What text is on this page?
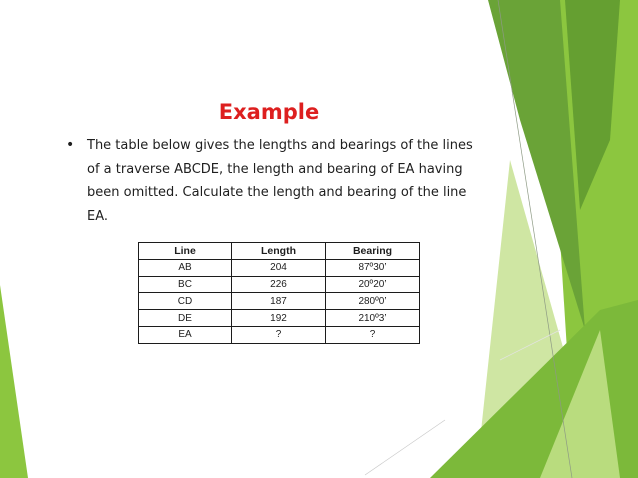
Example
• The table below gives the lengths and bearings of the lines of a traverse ABCDE, the length and bearing of EA having been omitted. Calculate the length and bearing of the line EA.
Line	Length	Bearing
AB	204	87º30’
BC	226	20º20’
CD	187	280º0’
DE	192	210º3’
EA	?	?
